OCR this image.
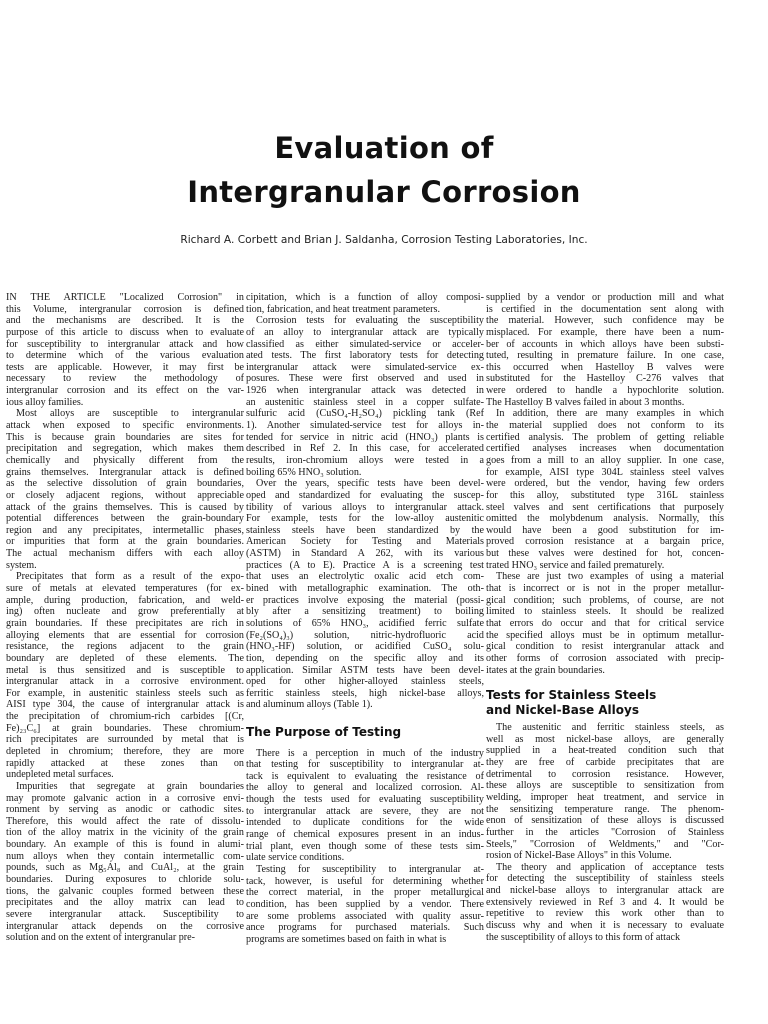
Evaluation of
Intergranular Corrosion
Richard A. Corbett and Brian J. Saldanha, Corrosion Testing Laboratories, Inc.
IN THE ARTICLE "Localized Corrosion" in
this Volume, intergranular corrosion is defined
and the mechanisms are described. It is the
purpose of this article to discuss when to evaluate
for susceptibility to intergranular attack and how
to determine which of the various evaluation
tests are applicable. However, it may first be
necessary to review the methodology of
intergranular corrosion and its effect on the var-
ious alloy families.
Most alloys are susceptible to intergranular
attack when exposed to specific environments.
This is because grain boundaries are sites for
precipitation and segregation, which makes them
chemically and physically different from the
grains themselves. Intergranular attack is defined
as the selective dissolution of grain boundaries,
or closely adjacent regions, without appreciable
attack of the grains themselves. This is caused by
potential differences between the grain-boundary
region and any precipitates, intermetallic phases,
or impurities that form at the grain boundaries.
The actual mechanism differs with each alloy
system.
Precipitates that form as a result of the expo-
sure of metals at elevated temperatures (for ex-
ample, during production, fabrication, and weld-
ing) often nucleate and grow preferentially at
grain boundaries. If these precipitates are rich in
alloying elements that are essential for corrosion
resistance, the regions adjacent to the grain
boundary are depleted of these elements. The
metal is thus sensitized and is susceptible to
intergranular attack in a corrosive environment.
For example, in austenitic stainless steels such as
AISI type 304, the cause of intergranular attack is
the precipitation of chromium-rich carbides [(Cr,
Fe)₂₃C₆] at grain boundaries. These chromium-
rich precipitates are surrounded by metal that is
depleted in chromium; therefore, they are more
rapidly attacked at these zones than on
undepleted metal surfaces.
Impurities that segregate at grain boundaries
may promote galvanic action in a corrosive envi-
ronment by serving as anodic or cathodic sites.
Therefore, this would affect the rate of dissolu-
tion of the alloy matrix in the vicinity of the grain
boundary. An example of this is found in alumi-
num alloys when they contain intermetallic com-
pounds, such as Mg₅Al₈ and CuAl₂, at the grain
boundaries. During exposures to chloride solu-
tions, the galvanic couples formed between these
precipitates and the alloy matrix can lead to
severe intergranular attack. Susceptibility to
intergranular attack depends on the corrosive
solution and on the extent of intergranular pre-
cipitation, which is a function of alloy composi-
tion, fabrication, and heat treatment parameters.
Corrosion tests for evaluating the susceptibility
of an alloy to intergranular attack are typically
classified as either simulated-service or acceler-
ated tests. The first laboratory tests for detecting
intergranular attack were simulated-service ex-
posures. These were first observed and used in
1926 when intergranular attack was detected in
an austenitic stainless steel in a copper sulfate-
sulfuric acid (CuSO₄-H₂SO₄) pickling tank (Ref
1). Another simulated-service test for alloys in-
tended for service in nitric acid (HNO₃) plants is
described in Ref 2. In this case, for accelerated
results, iron-chromium alloys were tested in a
boiling 65% HNO₃ solution.
Over the years, specific tests have been devel-
oped and standardized for evaluating the suscep-
tibility of various alloys to intergranular attack.
For example, tests for the low-alloy austenitic
stainless steels have been standardized by the
American Society for Testing and Materials
(ASTM) in Standard A 262, with its various
practices (A to E). Practice A is a screening test
that uses an electrolytic oxalic acid etch com-
bined with metallographic examination. The oth-
er practices involve exposing the material (possi-
bly after a sensitizing treatment) to boiling
solutions of 65% HNO₃, acidified ferric sulfate
(Fe₂(SO₄)₃) solution, nitric-hydrofluoric acid
(HNO₃-HF) solution, or acidified CuSO₄ solu-
tion, depending on the specific alloy and its
application. Similar ASTM tests have been devel-
oped for other higher-alloyed stainless steels,
ferritic stainless steels, high nickel-base alloys,
and aluminum alloys (Table 1).
The Purpose of Testing
There is a perception in much of the industry
that testing for susceptibility to intergranular at-
tack is equivalent to evaluating the resistance of
the alloy to general and localized corrosion. Al-
though the tests used for evaluating susceptibility
to intergranular attack are severe, they are not
intended to duplicate conditions for the wide
range of chemical exposures present in an indus-
trial plant, even though some of these tests sim-
ulate service conditions.
Testing for susceptibility to intergranular at-
tack, however, is useful for determining whether
the correct material, in the proper metallurgical
condition, has been supplied by a vendor. There
are some problems associated with quality assur-
ance programs for purchased materials. Such
programs are sometimes based on faith in what is
supplied by a vendor or production mill and what
is certified in the documentation sent along with
the material. However, such confidence may be
misplaced. For example, there have been a num-
ber of accounts in which alloys have been substi-
tuted, resulting in premature failure. In one case,
this occurred when Hastelloy B valves were
substituted for the Hastelloy C-276 valves that
were ordered to handle a hypochlorite solution.
The Hastelloy B valves failed in about 3 months.
In addition, there are many examples in which
the material supplied does not conform to its
certified analysis. The problem of getting reliable
certified analyses increases when documentation
goes from a mill to an alloy supplier. In one case,
for example, AISI type 304L stainless steel valves
were ordered, but the vendor, having few orders
for this alloy, substituted type 316L stainless
steel valves and sent certifications that purposely
omitted the molybdenum analysis. Normally, this
would have been a good substitution for im-
proved corrosion resistance at a bargain price,
but these valves were destined for hot, concen-
trated HNO₃ service and failed prematurely.
These are just two examples of using a material
that is incorrect or is not in the proper metallur-
gical condition; such problems, of course, are not
limited to stainless steels. It should be realized
that errors do occur and that for critical service
the specified alloys must be in optimum metallur-
gical condition to resist intergranular attack and
other forms of corrosion associated with precip-
itates at the grain boundaries.
Tests for Stainless Steels
and Nickel-Base Alloys
The austenitic and ferritic stainless steels, as
well as most nickel-base alloys, are generally
supplied in a heat-treated condition such that
they are free of carbide precipitates that are
detrimental to corrosion resistance. However,
these alloys are susceptible to sensitization from
welding, improper heat treatment, and service in
the sensitizing temperature range. The phenom-
enon of sensitization of these alloys is discussed
further in the articles "Corrosion of Stainless
Steels," "Corrosion of Weldments," and "Cor-
rosion of Nickel-Base Alloys" in this Volume.
The theory and application of acceptance tests
for detecting the susceptibility of stainless steels
and nickel-base alloys to intergranular attack are
extensively reviewed in Ref 3 and 4. It would be
repetitive to review this work other than to
discuss why and when it is necessary to evaluate
the susceptibility of alloys to this form of attack
